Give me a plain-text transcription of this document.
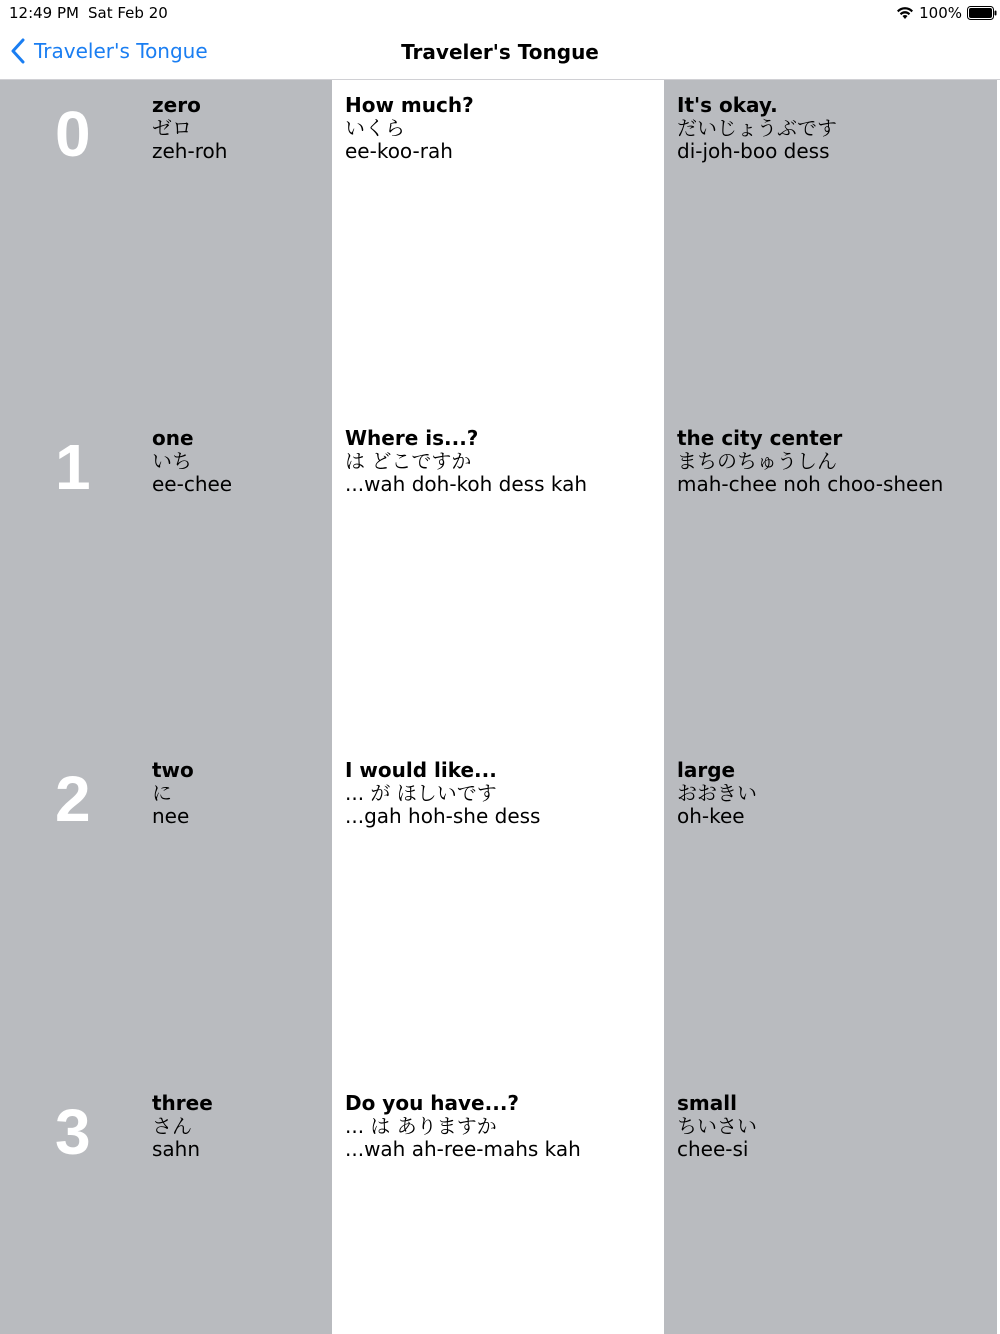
12:49 PM Sat Feb 20	100%
Traveler's Tongue	Traveler's Tongue
0	zero
ゼロ
zeh-roh
1	one
いち
ee-chee
2	two
に
nee
3	three
さん
sahn
How much?
いくら
ee-koo-rah
Where is...?
は どこですか
...wah doh-koh dess kah
I would like...
... が ほしいです
...gah hoh-she dess
Do you have...?
... は ありますか
...wah ah-ree-mahs kah
It's okay.
だいじょうぶです
di-joh-boo dess
the city center
まちのちゅうしん
mah-chee noh choo-sheen
large
おおきい
oh-kee
small
ちいさい
chee-si
